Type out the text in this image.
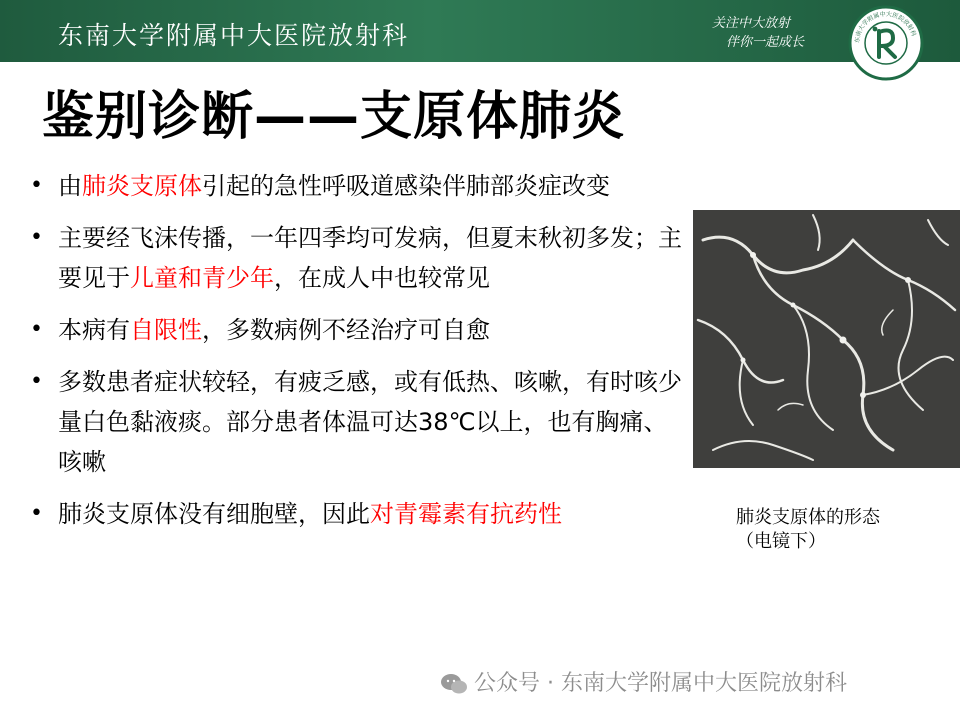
东南大学附属中大医院放射科	关注中大放射
伴你一起成长	东南大学附属中大医院放射科
鉴别诊断——支原体肺炎
• 由肺炎支原体引起的急性呼吸道感染伴肺部炎症改变
• 主要经飞沫传播，一年四季均可发病，但夏末秋初多发；主要见于儿童和青少年，在成人中也较常见
• 本病有自限性，多数病例不经治疗可自愈
• 多数患者症状较轻，有疲乏感，或有低热、咳嗽，有时咳少量白色黏液痰。部分患者体温可达38℃以上，也有胸痛、咳嗽
• 肺炎支原体没有细胞壁，因此对青霉素有抗药性	肺炎支原体的形态
（电镜下）
公众号 · 东南大学附属中大医院放射科
